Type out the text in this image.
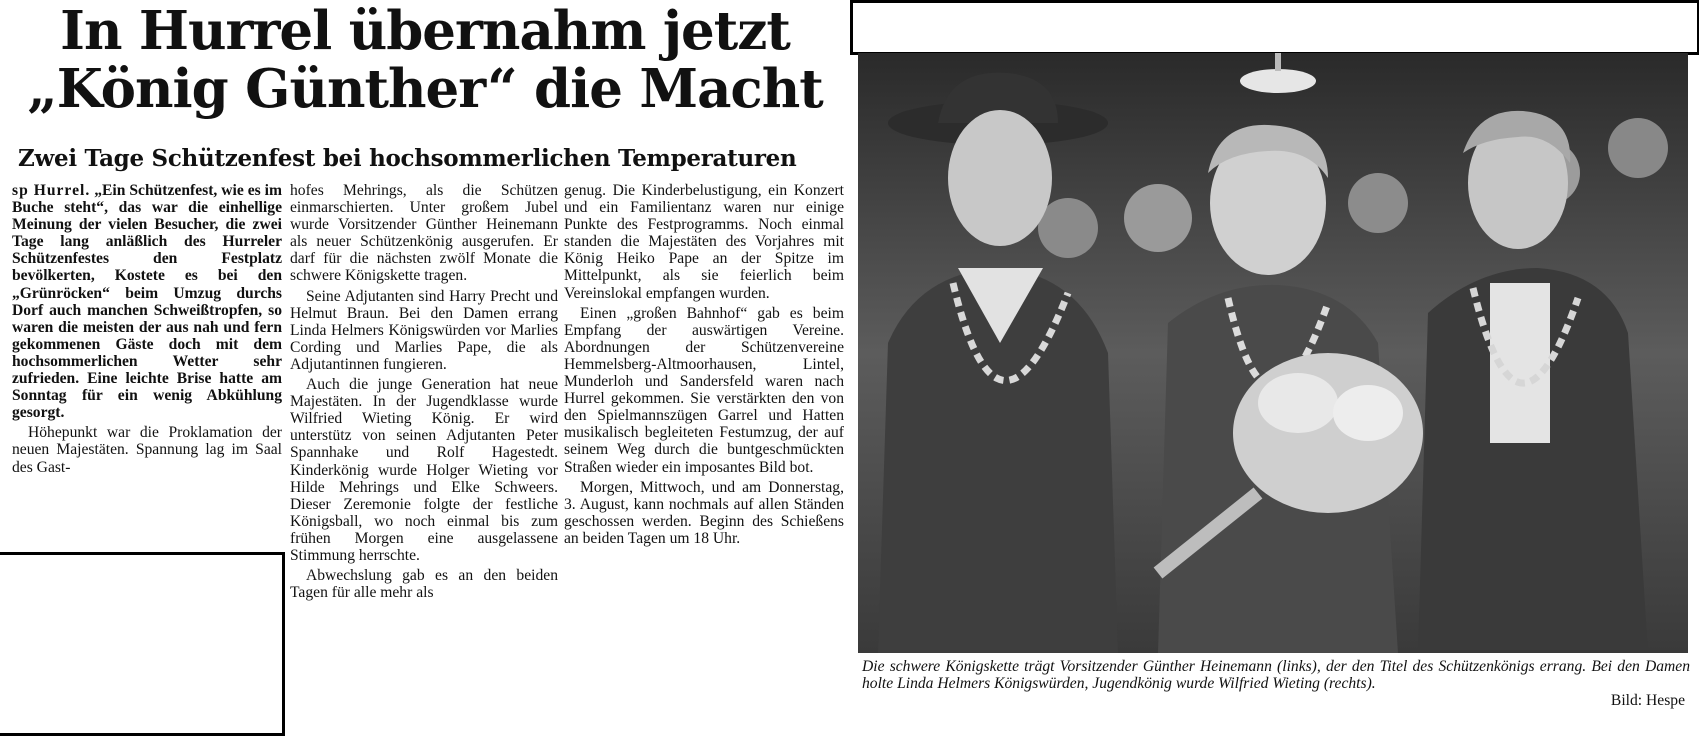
In Hurrel übernahm jetzt
„König Günther“ die Macht
Zwei Tage Schützenfest bei hochsommerlichen Temperaturen

sp Hurrel. „Ein Schützenfest, wie es im Buche steht“, das war die einhellige Meinung der vielen Besucher, die zwei Tage lang anläßlich des Hurreler Schützenfestes den Festplatz bevölkerten, Kostete es bei den „Grünröcken“ beim Umzug durchs Dorf auch manchen Schweißtropfen, so waren die meisten der aus nah und fern gekommenen Gäste doch mit dem hochsommerlichen Wetter sehr zufrieden. Eine leichte Brise hatte am Sonntag für ein wenig Abkühlung gesorgt.

Höhepunkt war die Proklamation der neuen Majestäten. Spannung lag im Saal des Gast-

hofes Mehrings, als die Schützen einmarschierten. Unter großem Jubel wurde Vorsitzender Günther Heinemann als neuer Schützenkönig ausgerufen. Er darf für die nächsten zwölf Monate die schwere Königskette tragen.

Seine Adjutanten sind Harry Precht und Helmut Braun. Bei den Damen errang Linda Helmers Königswürden vor Marlies Cording und Marlies Pape, die als Adjutantinnen fungieren.

Auch die junge Generation hat neue Majestäten. In der Jugendklasse wurde Wilfried Wieting König. Er wird unterstütz von seinen Adjutanten Peter Spannhake und Rolf Hagestedt. Kinderkönig wurde Holger Wieting vor Hilde Mehrings und Elke Schweers. Dieser Zeremonie folgte der festliche Königsball, wo noch einmal bis zum frühen Morgen eine ausgelassene Stimmung herrschte.

Abwechslung gab es an den beiden Tagen für alle mehr als

genug. Die Kinderbelustigung, ein Konzert und ein Familientanz waren nur einige Punkte des Festprogramms. Noch einmal standen die Majestäten des Vorjahres mit König Heiko Pape an der Spitze im Mittelpunkt, als sie feierlich beim Vereinslokal empfangen wurden.

Einen „großen Bahnhof“ gab es beim Empfang der auswärtigen Vereine. Abordnungen der Schützenvereine Hemmelsberg-Altmoorhausen, Lintel, Munderloh und Sandersfeld waren nach Hurrel gekommen. Sie verstärkten den von den Spielmannszügen Garrel und Hatten musikalisch begleiteten Festumzug, der auf seinem Weg durch die buntgeschmückten Straßen wieder ein imposantes Bild bot.

Morgen, Mittwoch, und am Donnerstag, 3. August, kann nochmals auf allen Ständen geschossen werden. Beginn des Schießens an beiden Tagen um 18 Uhr.

Die schwere Königskette trägt Vorsitzender Günther Heinemann (links), der den Titel des Schützenkönigs errang. Bei den Damen holte Linda Helmers Königswürden, Jugendkönig wurde Wilfried Wieting (rechts).
Bild: Hespe
